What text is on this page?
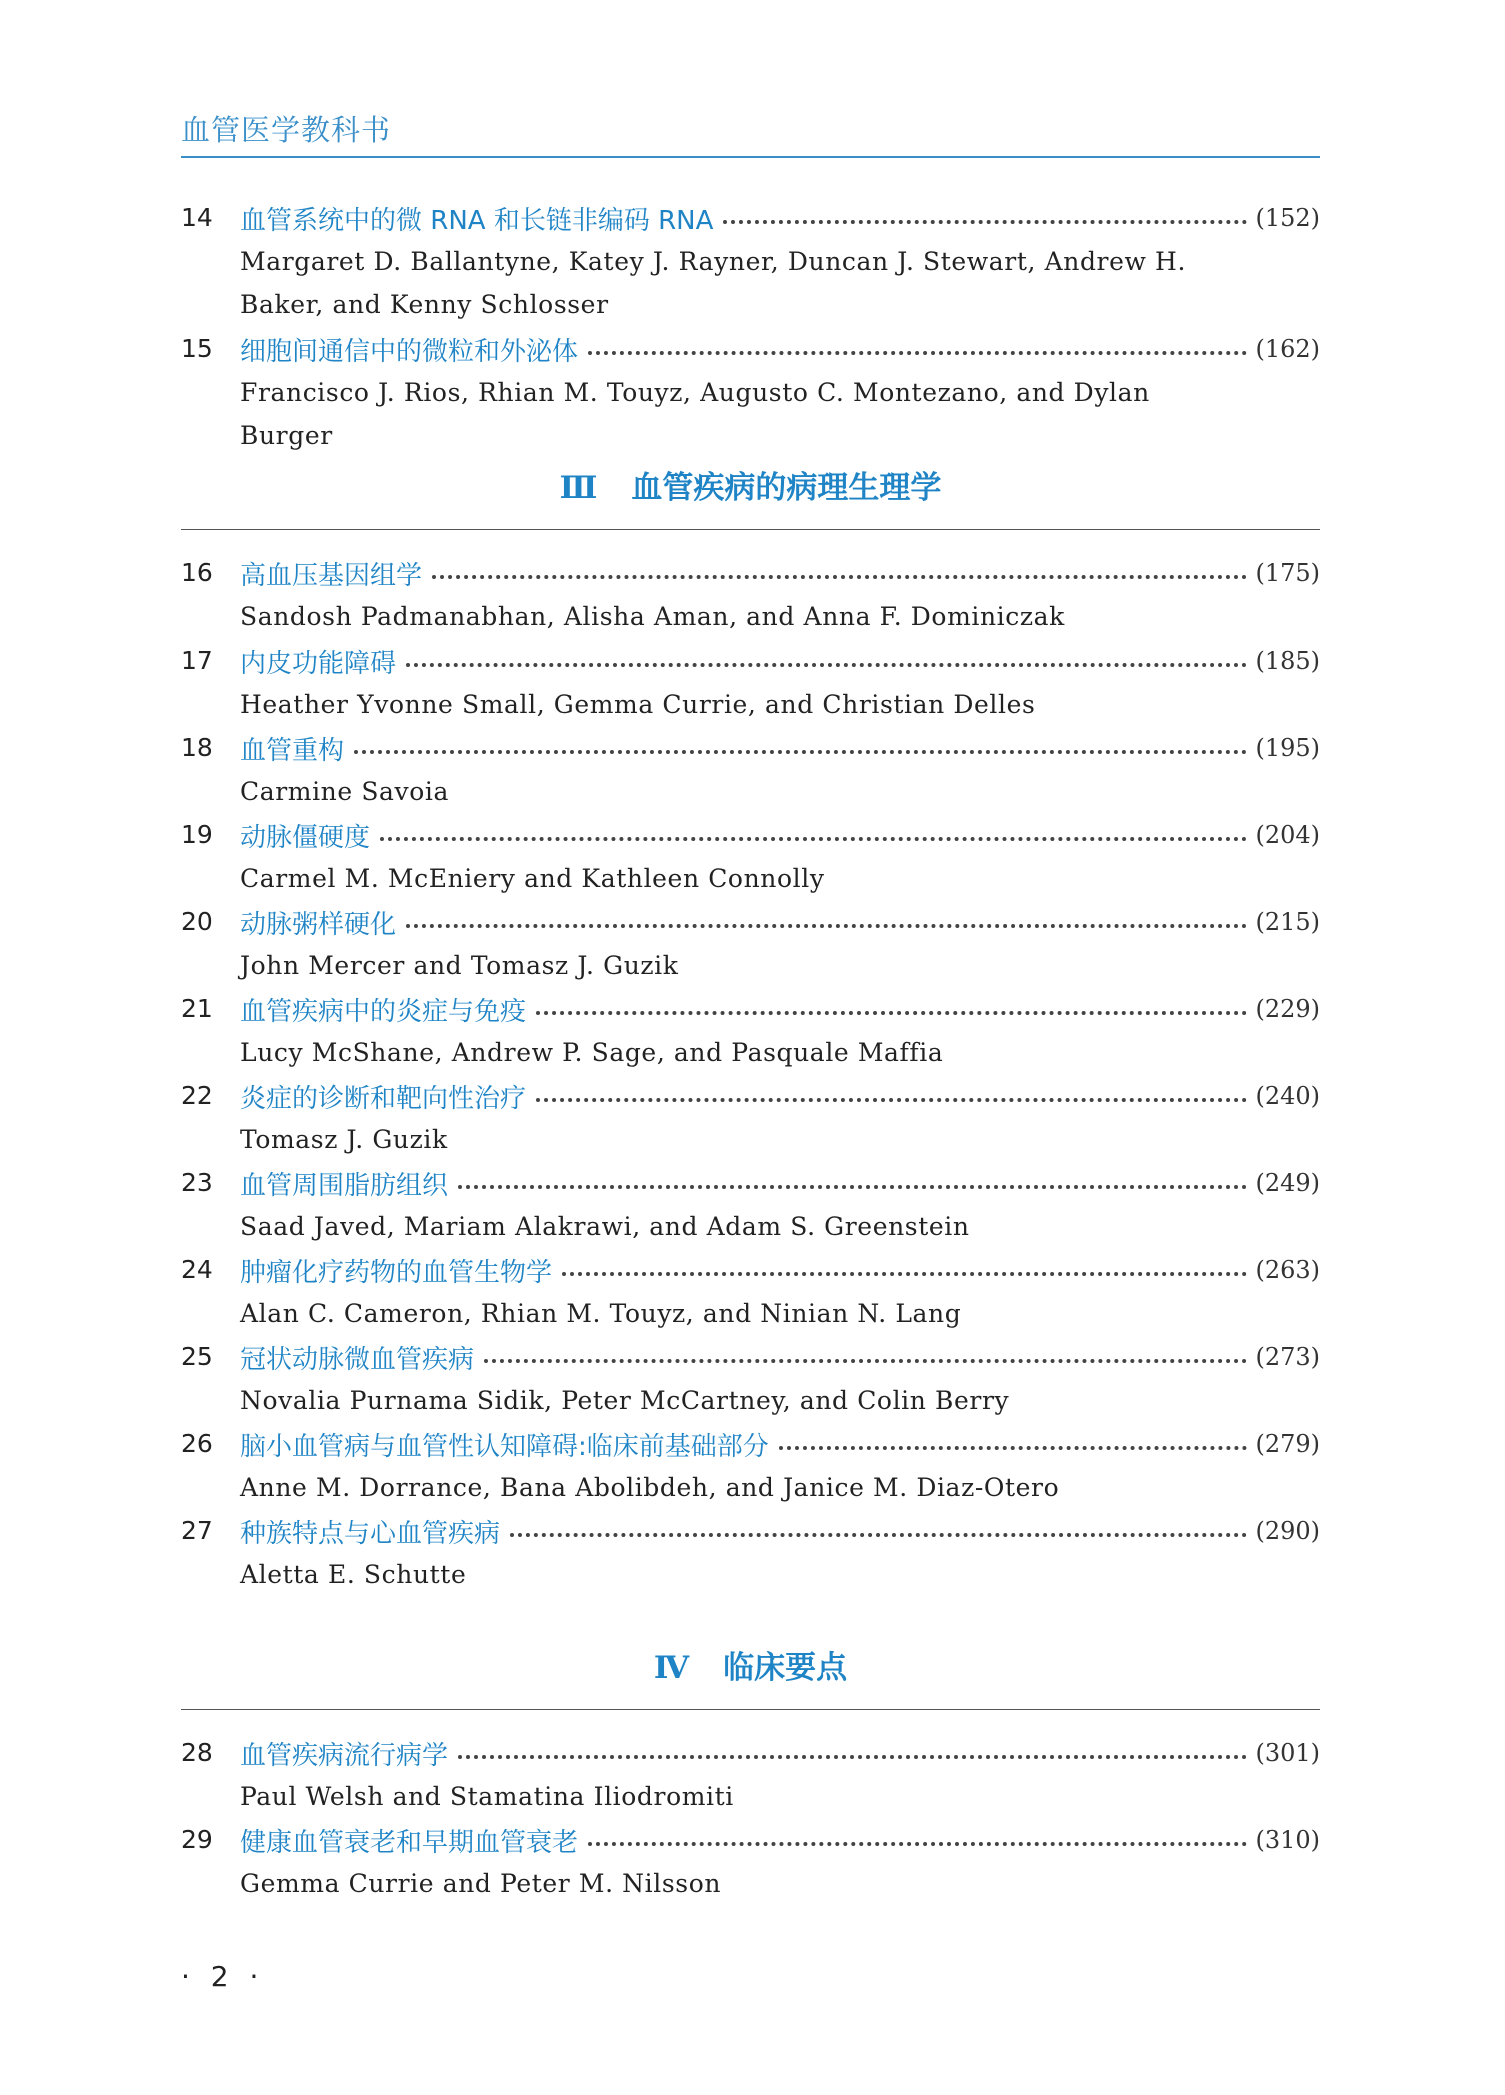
血管医学教科书
14 血管系统中的微 RNA 和长链非编码 RNA	(152)
Margaret D. Ballantyne, Katey J. Rayner, Duncan J. Stewart, Andrew H. Baker, and Kenny Schlosser
15 细胞间通信中的微粒和外泌体	(162)
Francisco J. Rios, Rhian M. Touyz, Augusto C. Montezano, and Dylan Burger
Ⅲ 血管疾病的病理生理学
16 高血压基因组学	(175)
Sandosh Padmanabhan, Alisha Aman, and Anna F. Dominiczak
17 内皮功能障碍	(185)
Heather Yvonne Small, Gemma Currie, and Christian Delles
18 血管重构	(195)
Carmine Savoia
19 动脉僵硬度	(204)
Carmel M. McEniery and Kathleen Connolly
20 动脉粥样硬化	(215)
John Mercer and Tomasz J. Guzik
21 血管疾病中的炎症与免疫	(229)
Lucy McShane, Andrew P. Sage, and Pasquale Maffia
22 炎症的诊断和靶向性治疗	(240)
Tomasz J. Guzik
23 血管周围脂肪组织	(249)
Saad Javed, Mariam Alakrawi, and Adam S. Greenstein
24 肿瘤化疗药物的血管生物学	(263)
Alan C. Cameron, Rhian M. Touyz, and Ninian N. Lang
25 冠状动脉微血管疾病	(273)
Novalia Purnama Sidik, Peter McCartney, and Colin Berry
26 脑小血管病与血管性认知障碍:临床前基础部分	(279)
Anne M. Dorrance, Bana Abolibdeh, and Janice M. Diaz-Otero
27 种族特点与心血管疾病	(290)
Aletta E. Schutte
Ⅳ 临床要点
28 血管疾病流行病学	(301)
Paul Welsh and Stamatina Iliodromiti
29 健康血管衰老和早期血管衰老	(310)
Gemma Currie and Peter M. Nilsson
· 2 ·
